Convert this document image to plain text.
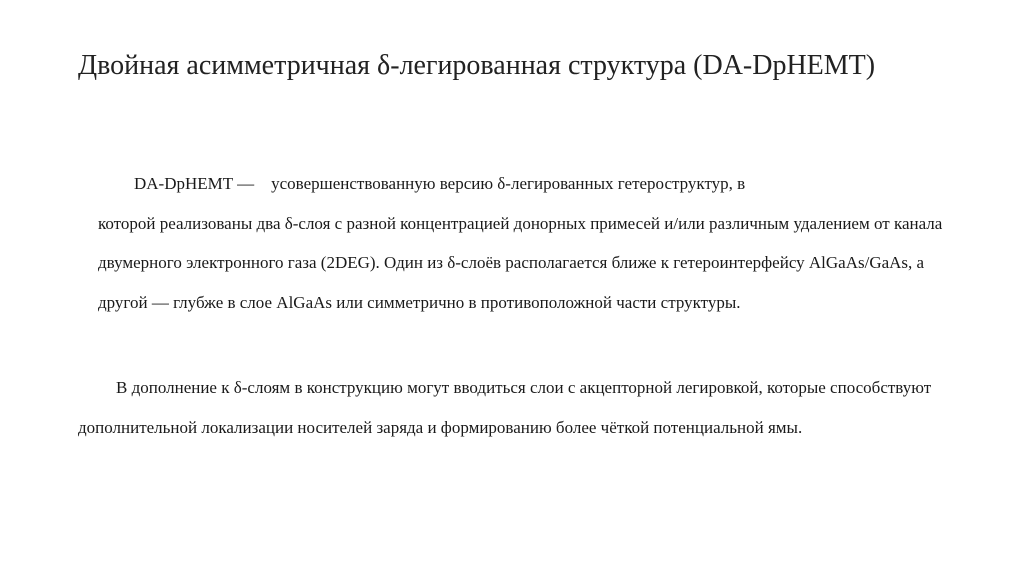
Двойная асимметричная δ-легированная структура (DA-DpHEMT)

DA-DpHEMT —    усовершенствованную версию δ-легированных гетероструктур, в
которой реализованы два δ-слоя с разной концентрацией донорных примесей и/или различным удалением от канала двумерного электронного газа (2DEG). Один из δ-слоёв располагается ближе к гетероинтерфейсу AlGaAs/GaAs, а другой — глубже в слое AlGaAs или симметрично в противоположной части структуры.

В дополнение к δ-слоям в конструкцию могут вводиться слои с акцепторной легировкой, которые способствуют дополнительной локализации носителей заряда и формированию более чёткой потенциальной ямы.
